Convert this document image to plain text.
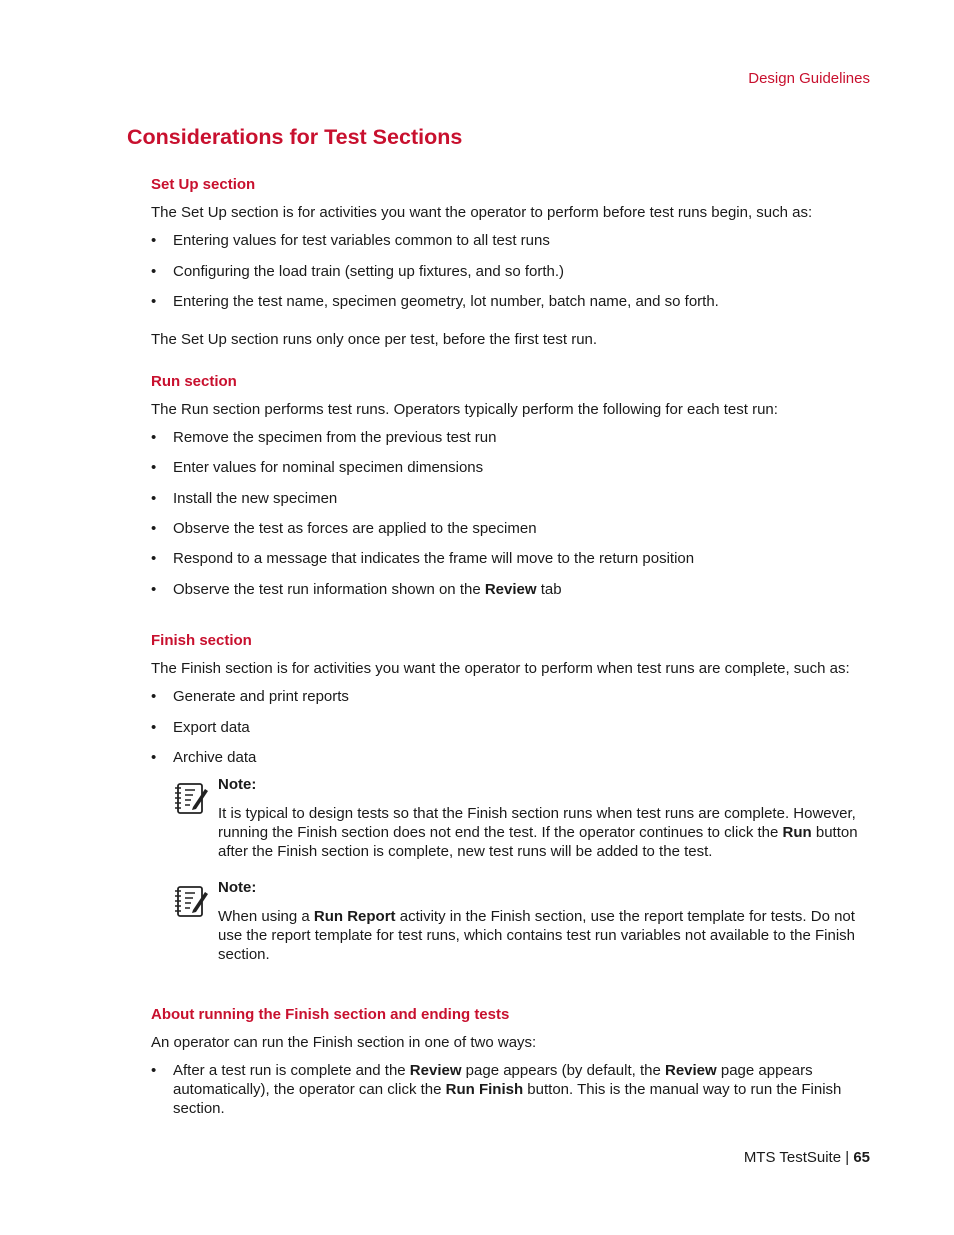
Design Guidelines
Considerations for Test Sections
Set Up section
The Set Up section is for activities you want the operator to perform before test runs begin, such as:
• Entering values for test variables common to all test runs
• Configuring the load train (setting up fixtures, and so forth.)
• Entering the test name, specimen geometry, lot number, batch name, and so forth.
The Set Up section runs only once per test, before the first test run.
Run section
The Run section performs test runs. Operators typically perform the following for each test run:
• Remove the specimen from the previous test run
• Enter values for nominal specimen dimensions
• Install the new specimen
• Observe the test as forces are applied to the specimen
• Respond to a message that indicates the frame will move to the return position
• Observe the test run information shown on the Review tab
Finish section
The Finish section is for activities you want the operator to perform when test runs are complete, such as:
• Generate and print reports
• Export data
• Archive data
Note:
It is typical to design tests so that the Finish section runs when test runs are complete. However, running the Finish section does not end the test. If the operator continues to click the Run button after the Finish section is complete, new test runs will be added to the test.
Note:
When using a Run Report activity in the Finish section, use the report template for tests. Do not use the report template for test runs, which contains test run variables not available to the Finish section.
About running the Finish section and ending tests
An operator can run the Finish section in one of two ways:
• After a test run is complete and the Review page appears (by default, the Review page appears automatically), the operator can click the Run Finish button. This is the manual way to run the Finish section.
MTS TestSuite | 65
